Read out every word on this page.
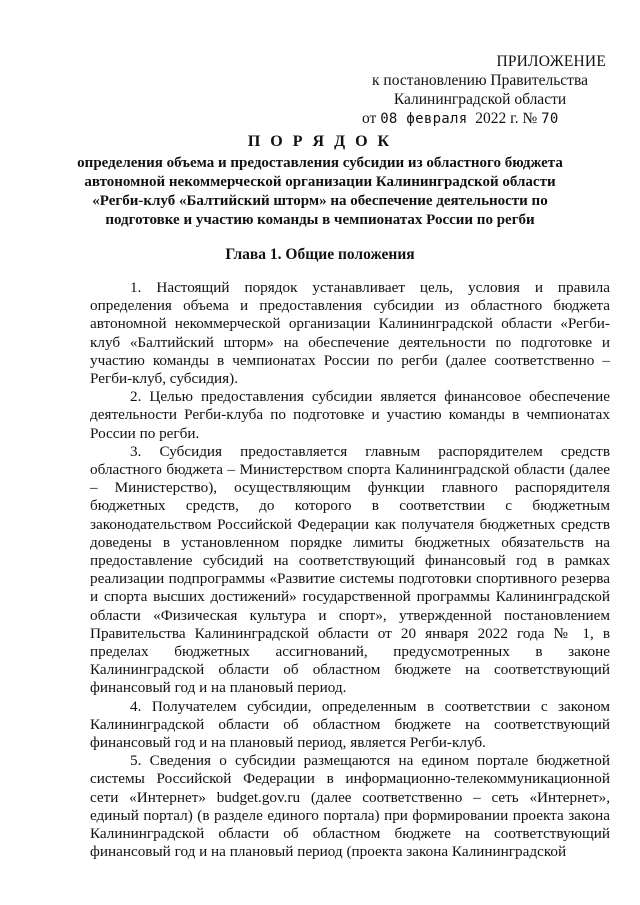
ПРИЛОЖЕНИЕ
к постановлению Правительства
Калининградской области
от 08 февраля 2022 г. № 70
П О Р Я Д О К
определения объема и предоставления субсидии из областного бюджета автономной некоммерческой организации Калининградской области «Регби-клуб «Балтийский шторм» на обеспечение деятельности по подготовке и участию команды в чемпионатах России по регби
Глава 1. Общие положения

1. Настоящий порядок устанавливает цель, условия и правила определения объема и предоставления субсидии из областного бюджета автономной некоммерческой организации Калининградской области «Регби-клуб «Балтийский шторм» на обеспечение деятельности по подготовке и участию команды в чемпионатах России по регби (далее соответственно – Регби-клуб, субсидия).

2. Целью предоставления субсидии является финансовое обеспечение деятельности Регби-клуба по подготовке и участию команды в чемпионатах России по регби.

3. Субсидия предоставляется главным распорядителем средств областного бюджета – Министерством спорта Калининградской области (далее – Министерство), осуществляющим функции главного распорядителя бюджетных средств, до которого в соответствии с бюджетным законодательством Российской Федерации как получателя бюджетных средств доведены в установленном порядке лимиты бюджетных обязательств на предоставление субсидий на соответствующий финансовый год в рамках реализации подпрограммы «Развитие системы подготовки спортивного резерва и спорта высших достижений» государственной программы Калининградской области «Физическая культура и спорт», утвержденной постановлением Правительства Калининградской области от 20 января 2022 года № 1, в пределах бюджетных ассигнований, предусмотренных в законе Калининградской области об областном бюджете на соответствующий финансовый год и на плановый период.

4. Получателем субсидии, определенным в соответствии с законом Калининградской области об областном бюджете на соответствующий финансовый год и на плановый период, является Регби-клуб.

5. Сведения о субсидии размещаются на едином портале бюджетной системы Российской Федерации в информационно-телекоммуникационной сети «Интернет» budget.gov.ru (далее соответственно – сеть «Интернет», единый портал) (в разделе единого портала) при формировании проекта закона Калининградской области об областном бюджете на соответствующий финансовый год и на плановый период (проекта закона Калининградской
